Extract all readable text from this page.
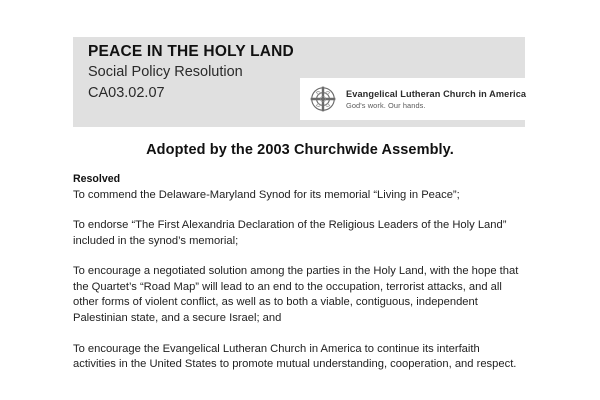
PEACE IN THE HOLY LAND
Social Policy Resolution
CA03.02.07	Evangelical Lutheran Church in America
God's work. Our hands.
Adopted by the 2003 Churchwide Assembly.
Resolved

To commend the Delaware-Maryland Synod for its memorial “Living in Peace”;

To endorse “The First Alexandria Declaration of the Religious Leaders of the Holy Land” included in the synod’s memorial;

To encourage a negotiated solution among the parties in the Holy Land, with the hope that the Quartet’s “Road Map” will lead to an end to the occupation, terrorist attacks, and all other forms of violent conflict, as well as to both a viable, contiguous, independent Palestinian state, and a secure Israel; and

To encourage the Evangelical Lutheran Church in America to continue its interfaith activities in the United States to promote mutual understanding, cooperation, and respect.
